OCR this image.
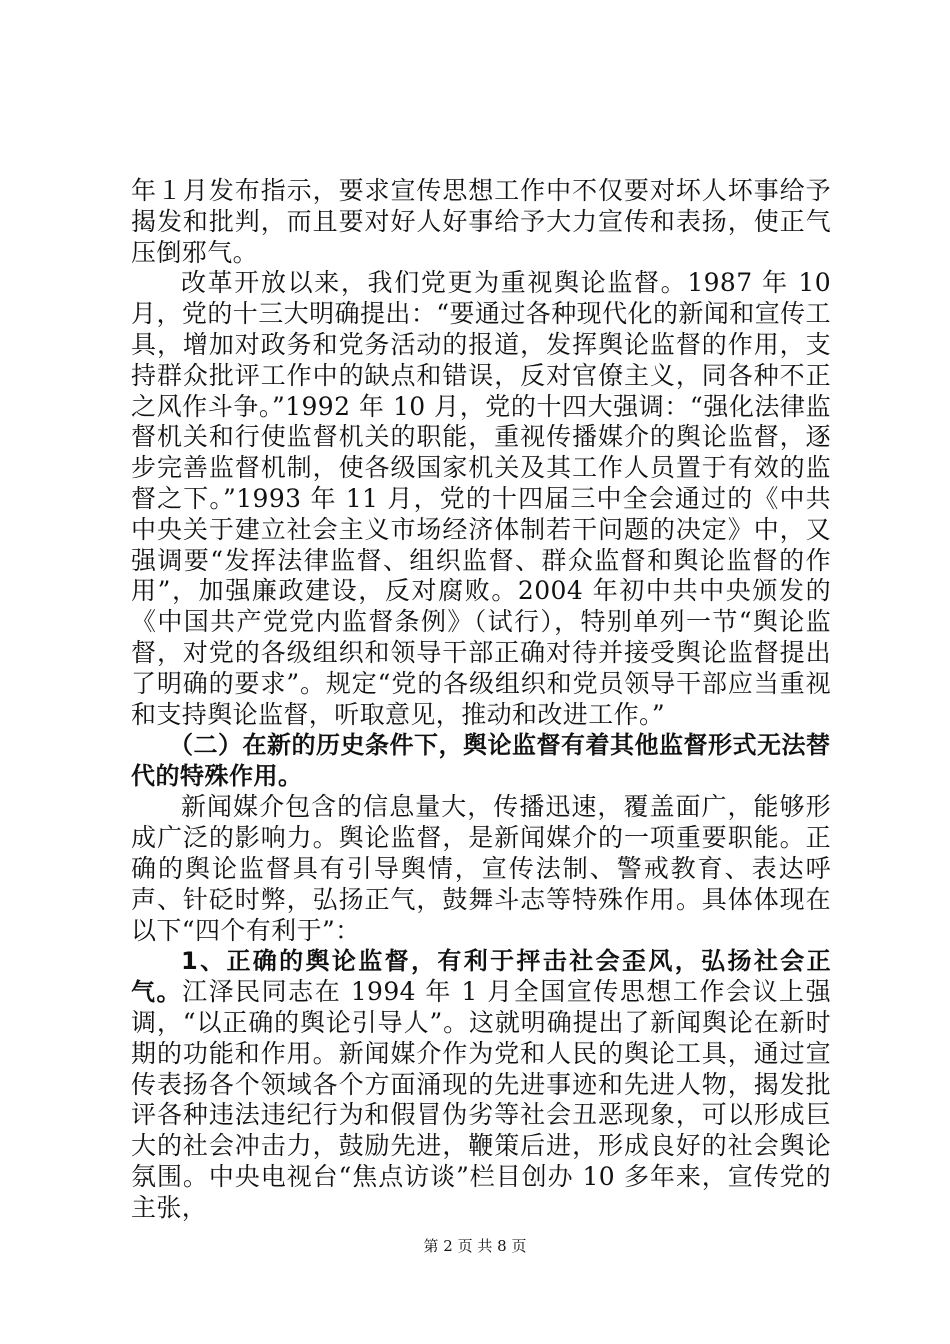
年１月发布指示，要求宣传思想工作中不仅要对坏人坏事给予揭发和批判，而且要对好人好事给予大力宣传和表扬，使正气压倒邪气。

改革开放以来，我们党更为重视舆论监督。1987 年 10 月，党的十三大明确提出：“要通过各种现代化的新闻和宣传工具，增加对政务和党务活动的报道，发挥舆论监督的作用，支持群众批评工作中的缺点和错误，反对官僚主义，同各种不正之风作斗争。”1992 年 10 月，党的十四大强调：“强化法律监督机关和行使监督机关的职能，重视传播媒介的舆论监督，逐步完善监督机制，使各级国家机关及其工作人员置于有效的监督之下。”1993 年 11 月，党的十四届三中全会通过的《中共中央关于建立社会主义市场经济体制若干问题的决定》中，又强调要“发挥法律监督、组织监督、群众监督和舆论监督的作用”，加强廉政建设，反对腐败。2004 年初中共中央颁发的《中国共产党党内监督条例》（试行），特别单列一节“舆论监督，对党的各级组织和领导干部正确对待并接受舆论监督提出了明确的要求”。规定“党的各级组织和党员领导干部应当重视和支持舆论监督，听取意见，推动和改进工作。”

（二）在新的历史条件下，舆论监督有着其他监督形式无法替代的特殊作用。

新闻媒介包含的信息量大，传播迅速，覆盖面广，能够形成广泛的影响力。舆论监督，是新闻媒介的一项重要职能。正确的舆论监督具有引导舆情，宣传法制、警戒教育、表达呼声、针砭时弊，弘扬正气，鼓舞斗志等特殊作用。具体体现在以下“四个有利于”：

1、正确的舆论监督，有利于抨击社会歪风，弘扬社会正气。江泽民同志在 1994 年 1 月全国宣传思想工作会议上强调，“以正确的舆论引导人”。这就明确提出了新闻舆论在新时期的功能和作用。新闻媒介作为党和人民的舆论工具，通过宣传表扬各个领域各个方面涌现的先进事迹和先进人物，揭发批评各种违法违纪行为和假冒伪劣等社会丑恶现象，可以形成巨大的社会冲击力，鼓励先进，鞭策后进，形成良好的社会舆论氛围。中央电视台“焦点访谈”栏目创办 10 多年来，宣传党的主张，

第 2 页 共 8 页
